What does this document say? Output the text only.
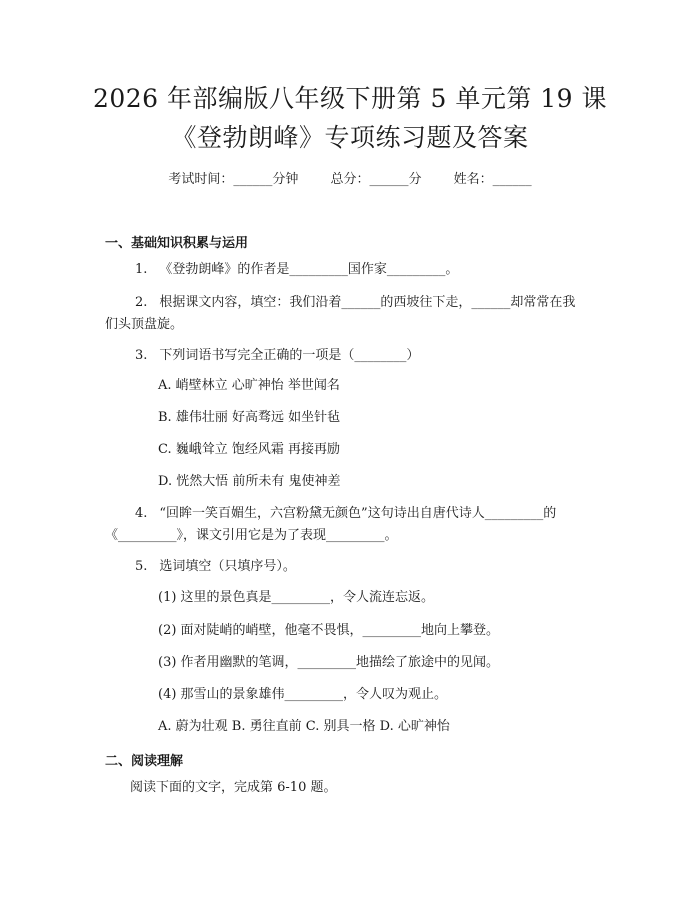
2026 年部编版八年级下册第 5 单元第 19 课
《登勃朗峰》专项练习题及答案
考试时间：______分钟 总分：______分 姓名：______
一、基础知识积累与运用
1. 《登勃朗峰》的作者是_________国作家_________。
2. 根据课文内容，填空：我们沿着______的西坡往下走，______却常常在我
们头顶盘旋。
3. 下列词语书写完全正确的一项是（________）
A. 峭壁林立 心旷神怡 举世闻名
B. 雄伟壮丽 好高骛远 如坐针毡
C. 巍峨耸立 饱经风霜 再接再励
D. 恍然大悟 前所未有 鬼使神差
4. “回眸一笑百媚生，六宫粉黛无颜色”这句诗出自唐代诗人_________的
《_________》，课文引用它是为了表现_________。
5. 选词填空（只填序号）。
(1) 这里的景色真是_________，令人流连忘返。
(2) 面对陡峭的峭壁，他毫不畏惧，_________地向上攀登。
(3) 作者用幽默的笔调，_________地描绘了旅途中的见闻。
(4) 那雪山的景象雄伟_________，令人叹为观止。
A. 蔚为壮观 B. 勇往直前 C. 别具一格 D. 心旷神怡
二、阅读理解
阅读下面的文字，完成第 6-10 题。
